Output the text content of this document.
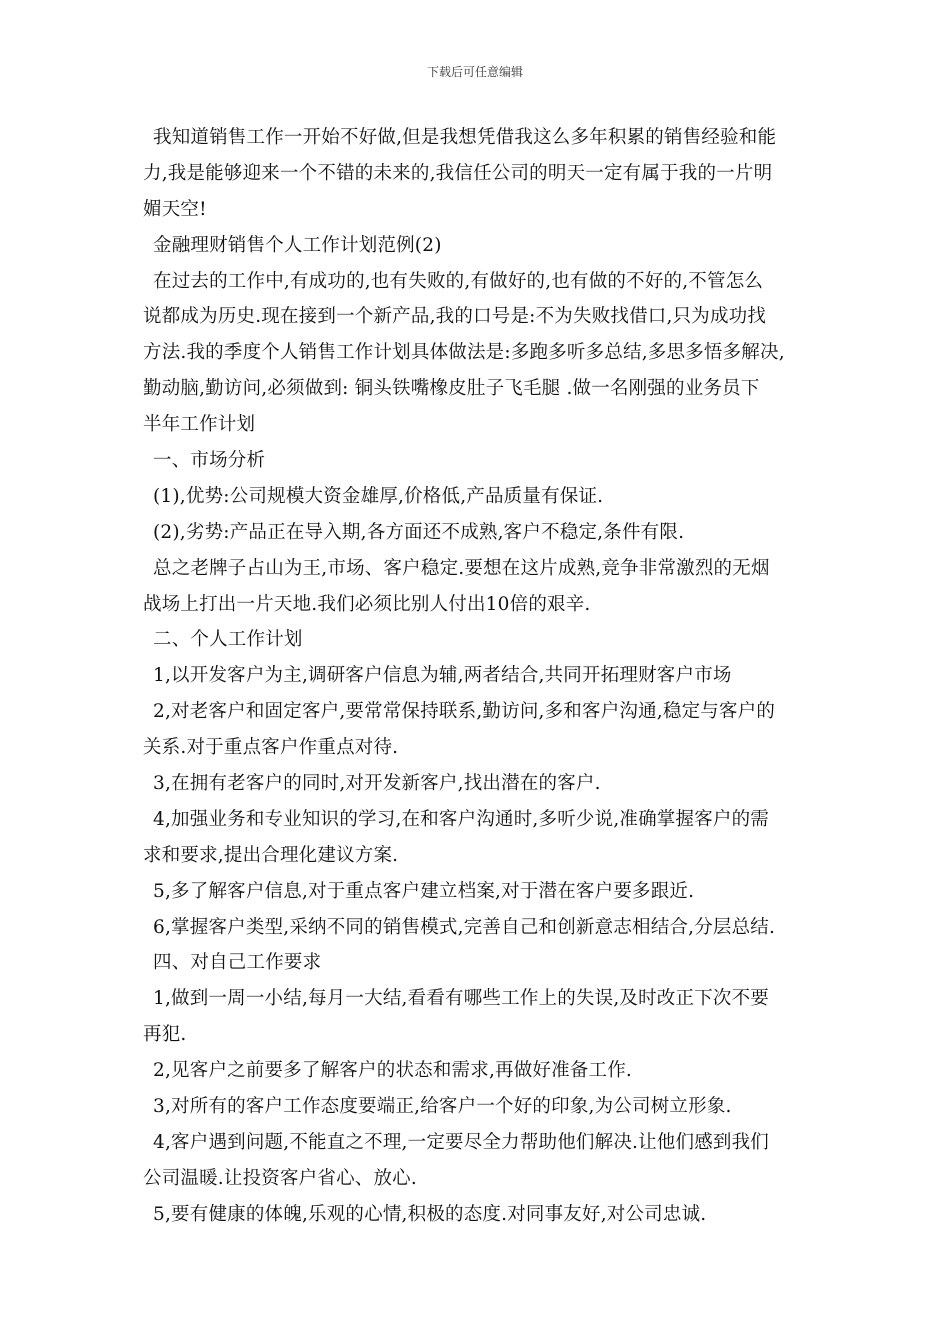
下载后可任意编辑
我知道销售工作一开始不好做,但是我想凭借我这么多年积累的销售经验和能
力,我是能够迎来一个不错的未来的,我信任公司的明天一定有属于我的一片明
媚天空!
金融理财销售个人工作计划范例(2)
在过去的工作中,有成功的,也有失败的,有做好的,也有做的不好的,不管怎么
说都成为历史.现在接到一个新产品,我的口号是:不为失败找借口,只为成功找
方法.我的季度个人销售工作计划具体做法是:多跑多听多总结,多思多悟多解决,
勤动脑,勤访问,必须做到: 铜头铁嘴橡皮肚子飞毛腿 .做一名刚强的业务员下
半年工作计划
一、市场分析
(1),优势:公司规模大资金雄厚,价格低,产品质量有保证.
(2),劣势:产品正在导入期,各方面还不成熟,客户不稳定,条件有限.
总之老牌子占山为王,市场、客户稳定.要想在这片成熟,竞争非常激烈的无烟
战场上打出一片天地.我们必须比别人付出10倍的艰辛.
二、个人工作计划
1,以开发客户为主,调研客户信息为辅,两者结合,共同开拓理财客户市场
2,对老客户和固定客户,要常常保持联系,勤访问,多和客户沟通,稳定与客户的
关系.对于重点客户作重点对待.
3,在拥有老客户的同时,对开发新客户,找出潜在的客户.
4,加强业务和专业知识的学习,在和客户沟通时,多听少说,准确掌握客户的需
求和要求,提出合理化建议方案.
5,多了解客户信息,对于重点客户建立档案,对于潜在客户要多跟近.
6,掌握客户类型,采纳不同的销售模式,完善自己和创新意志相结合,分层总结.
四、对自己工作要求
1,做到一周一小结,每月一大结,看看有哪些工作上的失误,及时改正下次不要
再犯.
2,见客户之前要多了解客户的状态和需求,再做好准备工作.
3,对所有的客户工作态度要端正,给客户一个好的印象,为公司树立形象.
4,客户遇到问题,不能直之不理,一定要尽全力帮助他们解决.让他们感到我们
公司温暖.让投资客户省心、放心.
5,要有健康的体魄,乐观的心情,积极的态度.对同事友好,对公司忠诚.
